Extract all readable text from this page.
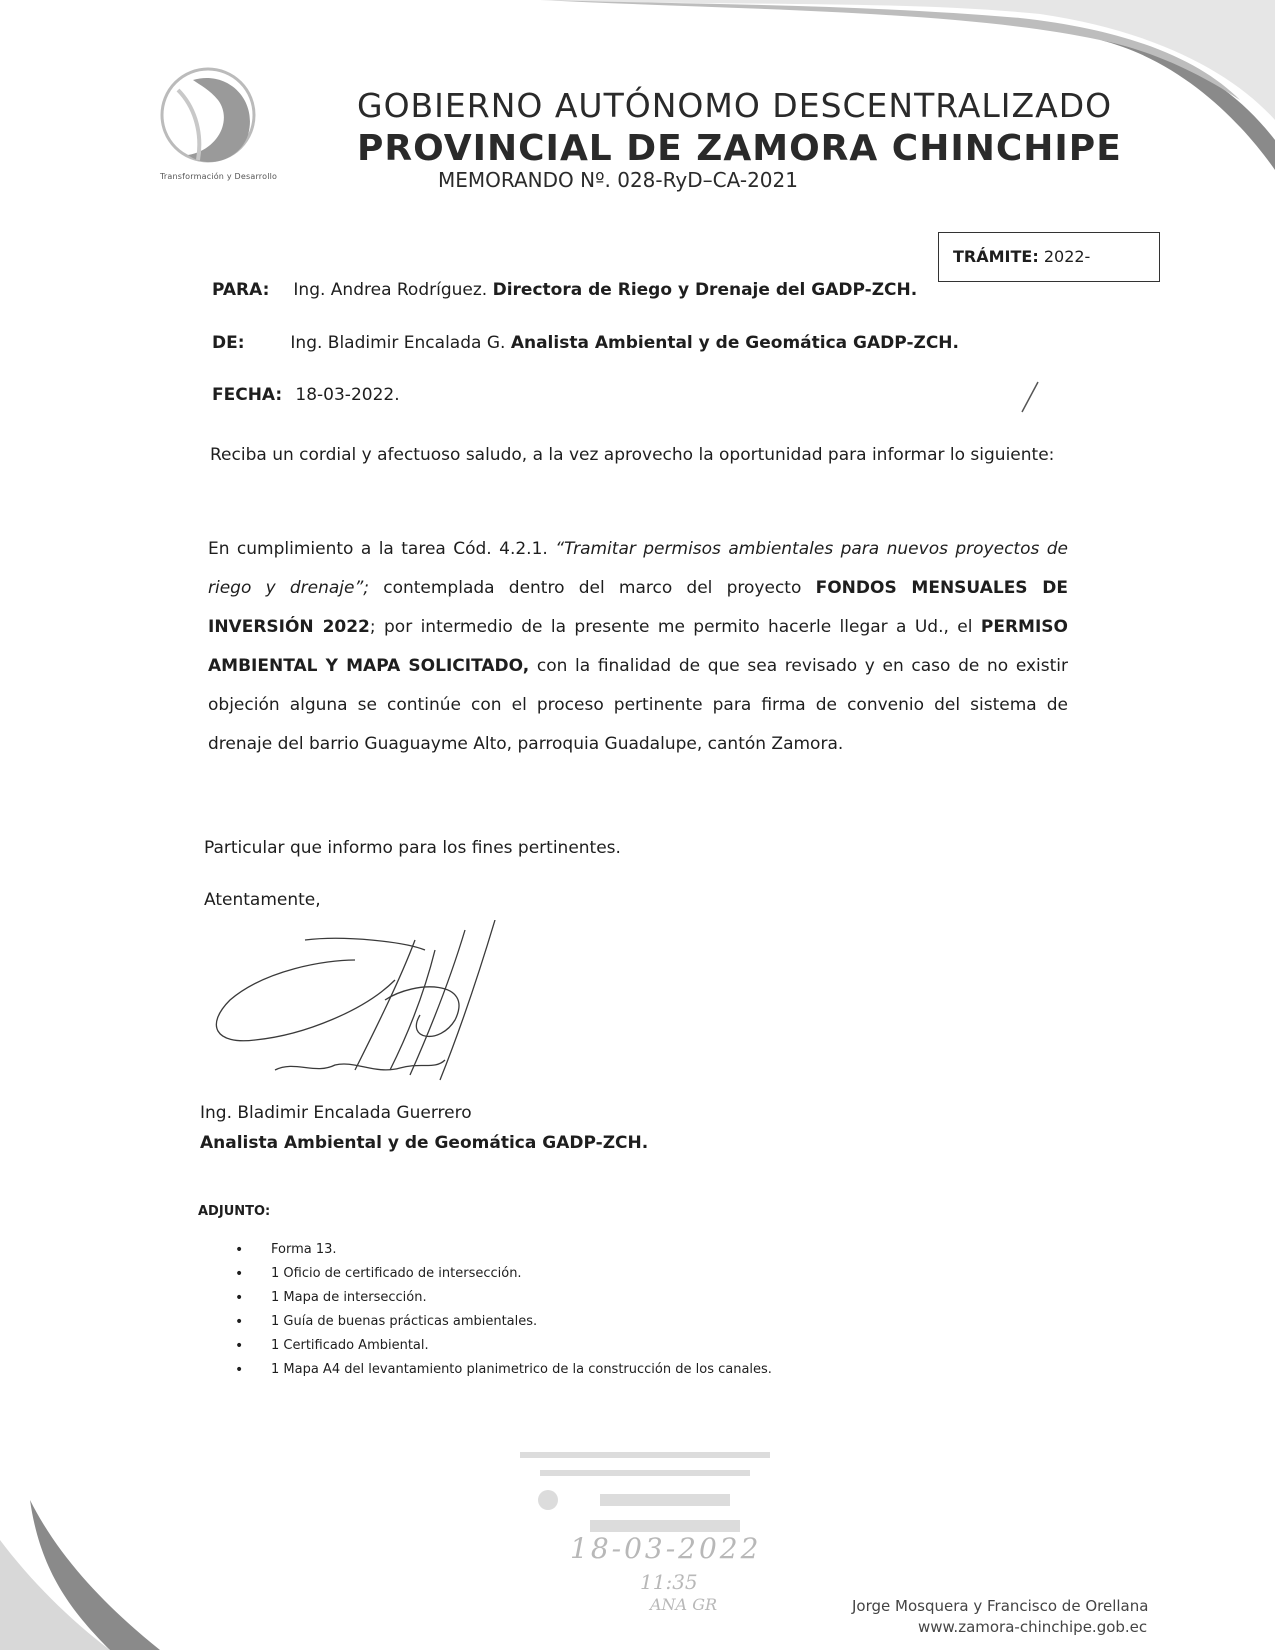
Transformación y Desarrollo
GOBIERNO AUTÓNOMO DESCENTRALIZADO
PROVINCIAL DE ZAMORA CHINCHIPE
MEMORANDO Nº. 028-RyD–CA-2021
TRÁMITE: 2022-
PARA: Ing. Andrea Rodríguez. Directora de Riego y Drenaje del GADP-ZCH.
DE:	Ing. Bladimir Encalada G. Analista Ambiental y de Geomática GADP-ZCH.
FECHA: 18-03-2022.
Reciba un cordial y afectuoso saludo, a la vez aprovecho la oportunidad para informar lo siguiente:
En cumplimiento a la tarea Cód. 4.2.1. “Tramitar permisos ambientales para nuevos proyectos de riego y drenaje”; contemplada dentro del marco del proyecto FONDOS MENSUALES DE INVERSIÓN 2022; por intermedio de la presente me permito hacerle llegar a Ud., el PERMISO AMBIENTAL Y MAPA SOLICITADO, con la finalidad de que sea revisado y en caso de no existir objeción alguna se continúe con el proceso pertinente para firma de convenio del sistema de drenaje del barrio Guaguayme Alto, parroquia Guadalupe, cantón Zamora.
Particular que informo para los fines pertinentes.
Atentamente,
Ing. Bladimir Encalada Guerrero
Analista Ambiental y de Geomática GADP-ZCH.
ADJUNTO:
• Forma 13.
• 1 Oficio de certificado de intersección.
• 1 Mapa de intersección.
• 1 Guía de buenas prácticas ambientales.
• 1 Certificado Ambiental.
• 1 Mapa A4 del levantamiento planimetrico de la construcción de los canales.
18-03-2022
11:35
ANA GR	Jorge Mosquera y Francisco de Orellana
www.zamora-chinchipe.gob.ec
